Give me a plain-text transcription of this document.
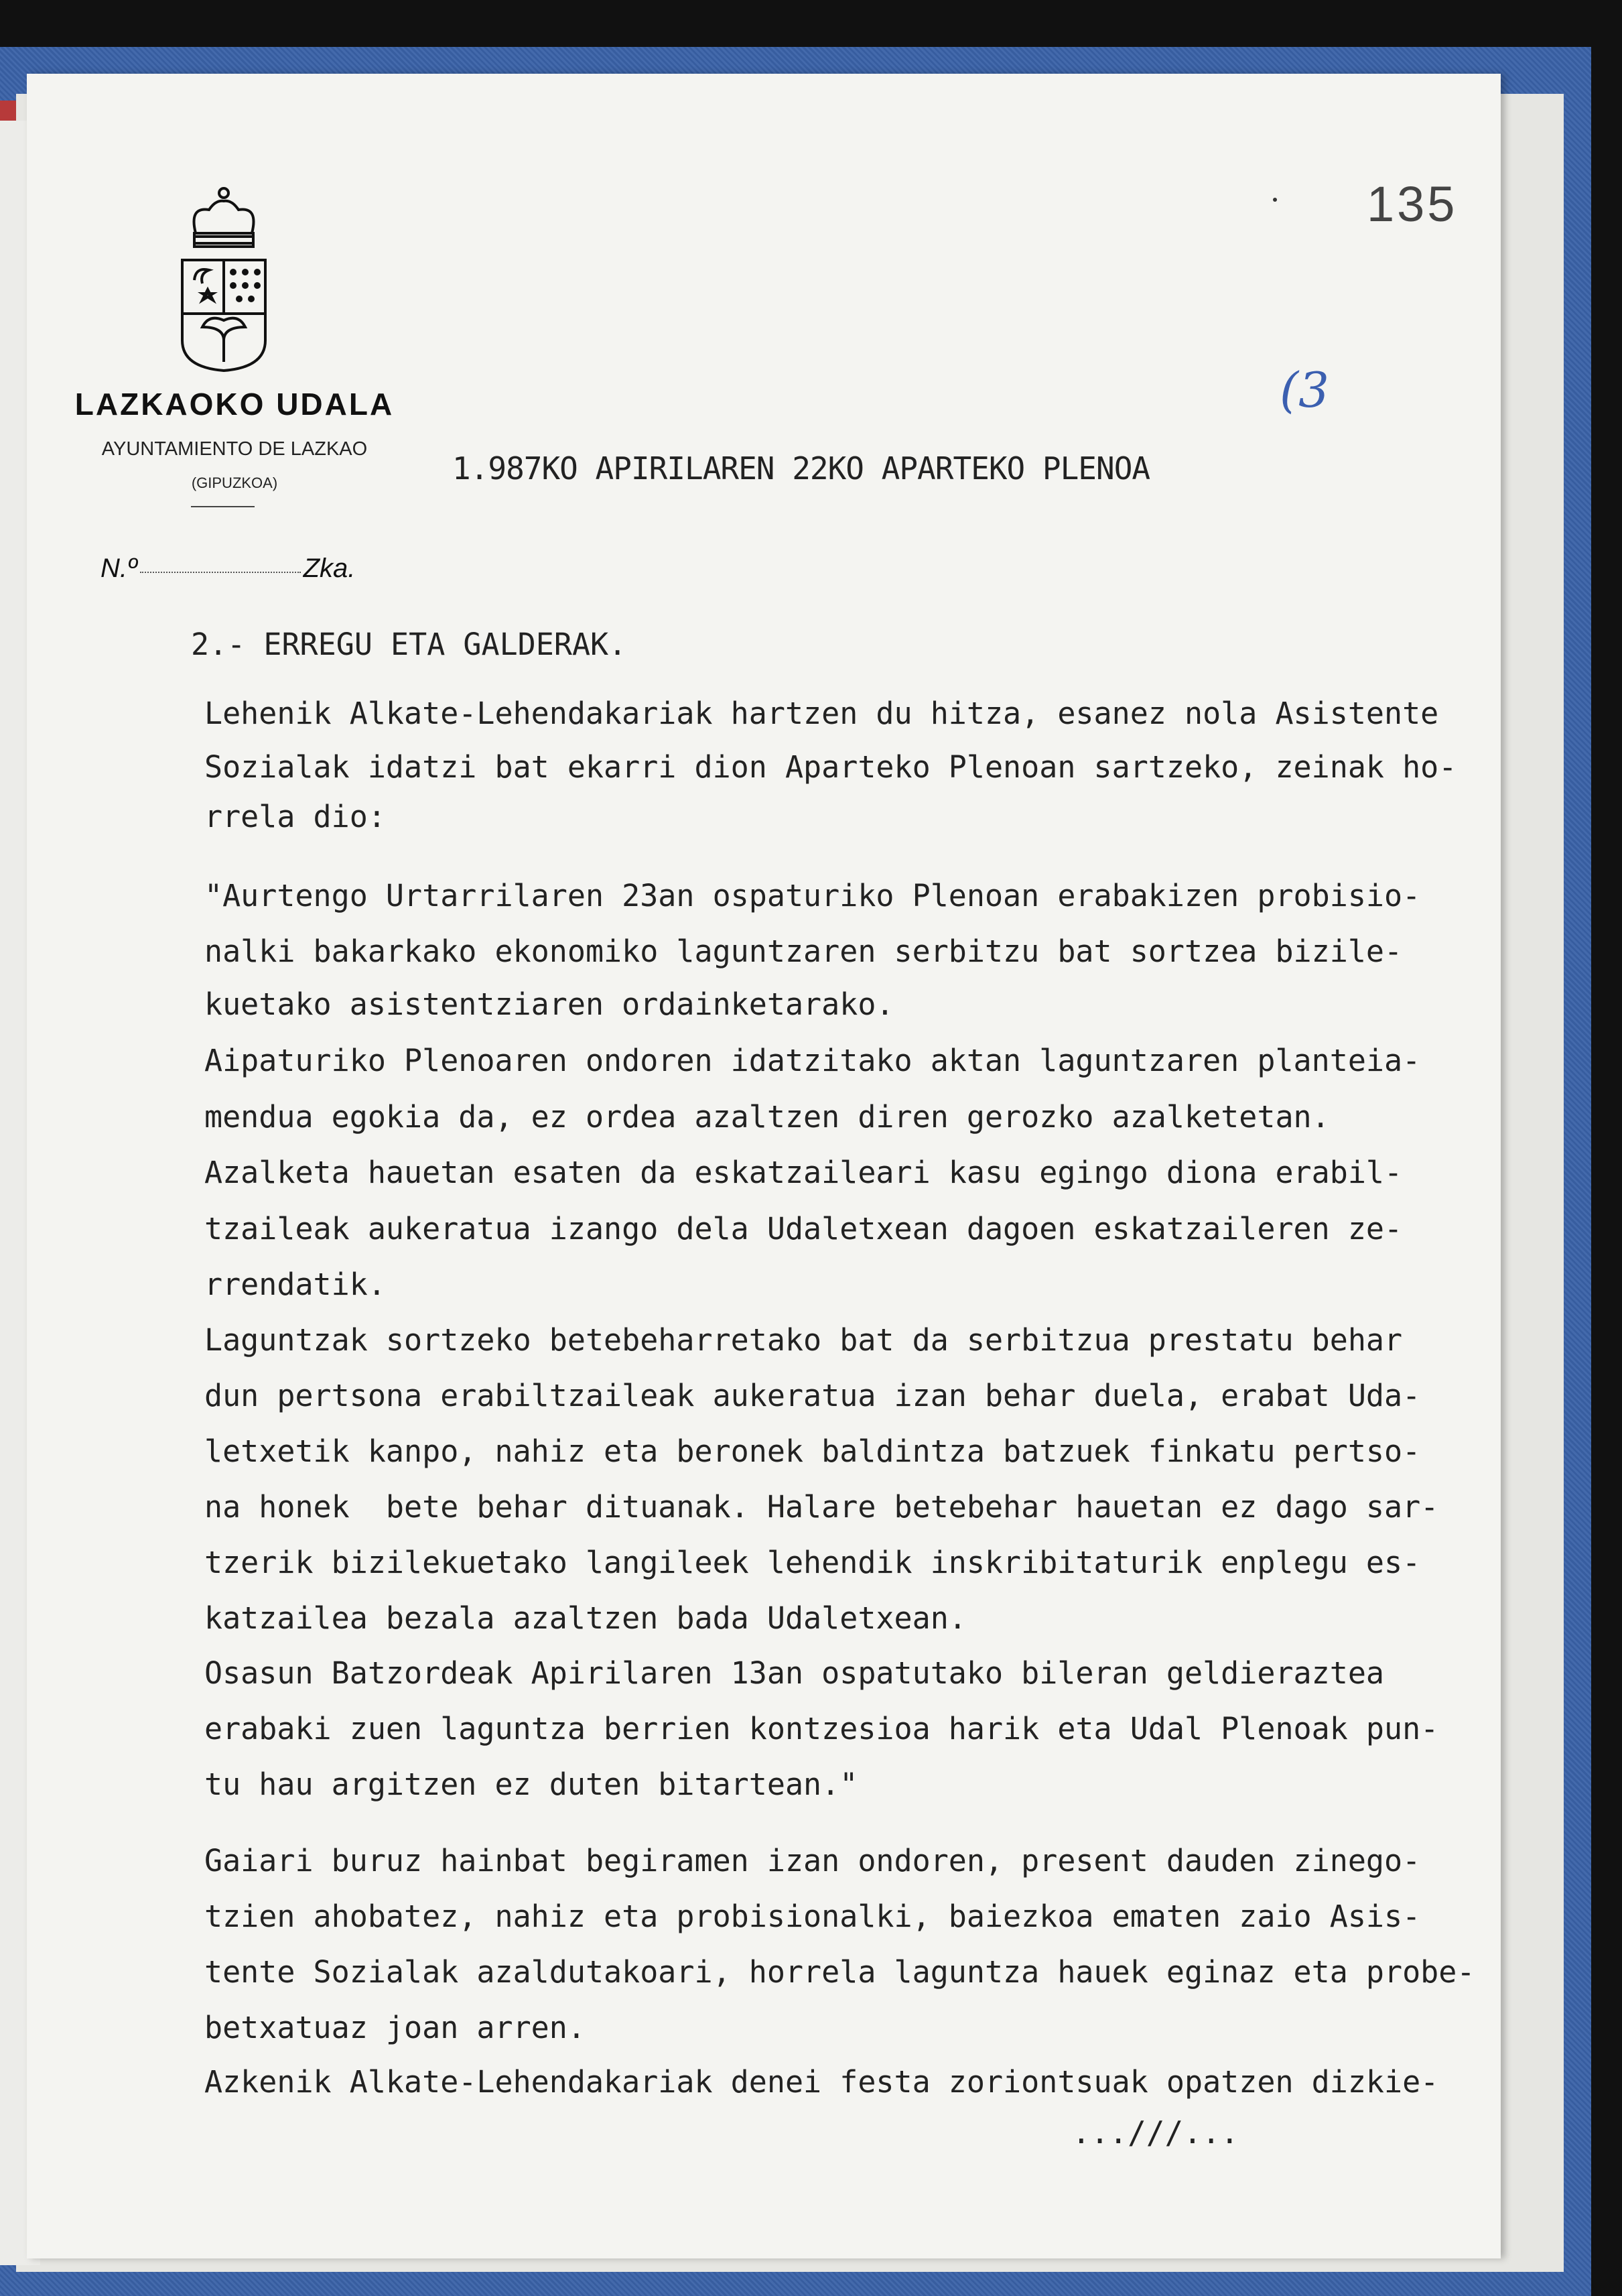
135
(3
LAZKAOKO UDALA
AYUNTAMIENTO DE LAZKAO
(GIPUZKOA)
N.º	Zka.
1.987KO APIRILAREN 22KO APARTEKO PLENOA
2.- ERREGU ETA GALDERAK.
Lehenik Alkate-Lehendakariak hartzen du hitza, esanez nola Asistente
Sozialak idatzi bat ekarri dion Aparteko Plenoan sartzeko, zeinak ho-
rrela dio:
"Aurtengo Urtarrilaren 23an ospaturiko Plenoan erabakizen probisio-
nalki bakarkako ekonomiko laguntzaren serbitzu bat sortzea bizile-
kuetako asistentziaren ordainketarako.
Aipaturiko Plenoaren ondoren idatzitako aktan laguntzaren planteia-
mendua egokia da, ez ordea azaltzen diren gerozko azalketetan.
Azalketa hauetan esaten da eskatzaileari kasu egingo diona erabil-
tzaileak aukeratua izango dela Udaletxean dagoen eskatzaileren ze-
rrendatik.
Laguntzak sortzeko betebeharretako bat da serbitzua prestatu behar
dun pertsona erabiltzaileak aukeratua izan behar duela, erabat Uda-
letxetik kanpo, nahiz eta beronek baldintza batzuek finkatu pertso-
na honek  bete behar dituanak. Halare betebehar hauetan ez dago sar-
tzerik bizilekuetako langileek lehendik inskribitaturik enplegu es-
katzailea bezala azaltzen bada Udaletxean.
Osasun Batzordeak Apirilaren 13an ospatutako bileran geldieraztea
erabaki zuen laguntza berrien kontzesioa harik eta Udal Plenoak pun-
tu hau argitzen ez duten bitartean."
Gaiari buruz hainbat begiramen izan ondoren, present dauden zinego-
tzien ahobatez, nahiz eta probisionalki, baiezkoa ematen zaio Asis-
tente Sozialak azaldutakoari, horrela laguntza hauek eginaz eta probe-
betxatuaz joan arren.
Azkenik Alkate-Lehendakariak denei festa zoriontsuak opatzen dizkie-
...///...
